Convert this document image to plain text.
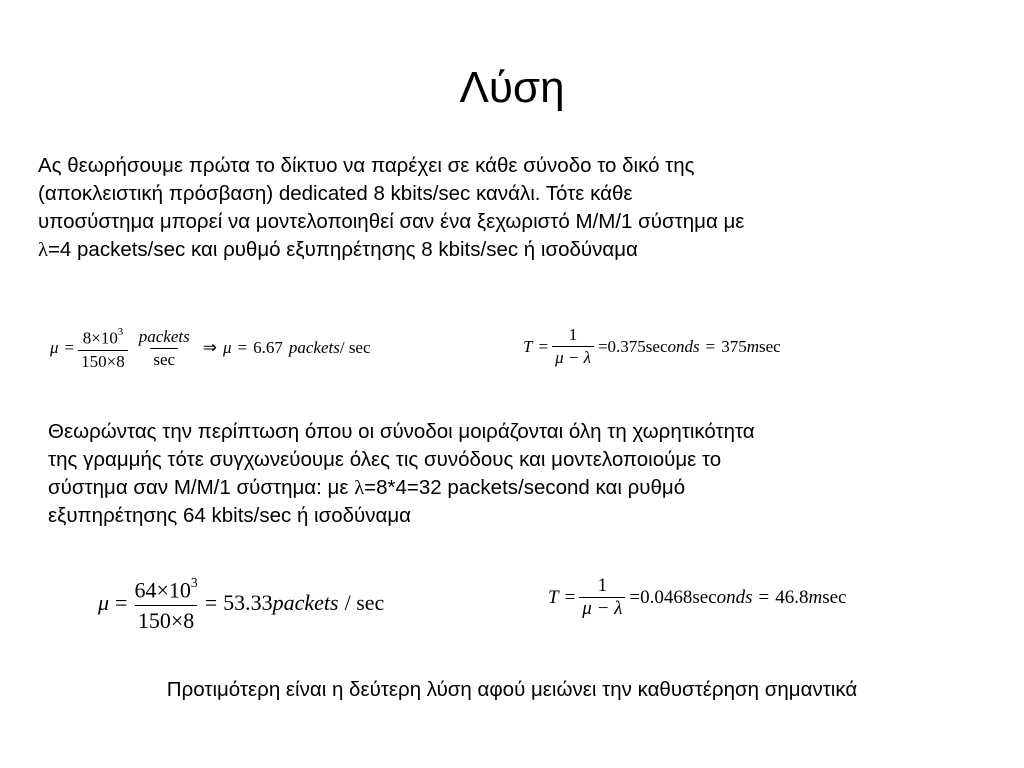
Λύση

Ας θεωρήσουμε πρώτα το δίκτυο να παρέχει σε κάθε σύνοδο το δικό της

(αποκλειστική πρόσβαση) dedicated 8 kbits/sec κανάλι. Τότε κάθε

υποσύστημα μπορεί να μοντελοποιηθεί σαν ένα ξεχωριστό M/M/1 σύστημα με

λ=4 packets/sec και ρυθμό εξυπηρέτησης 8 kbits/sec ή ισοδύναμα

$\mu = \frac{8\times 10^3}{150\times 8} \frac{\text{packets}}{\sec}$ ⇒ μ = 6.67 packets / sec	$T = \frac{1}{\mu - \lambda} = 0.375$ sec onds = 375 m sec

Θεωρώντας την περίπτωση όπου οι σύνοδοι μοιράζονται όλη τη χωρητικότητα

της γραμμής τότε συγχωνεύουμε όλες τις συνόδους και μοντελοποιούμε το

σύστημα σαν M/M/1 σύστημα: με λ=8*4=32 packets/second και ρυθμό

εξυπηρέτησης 64 kbits/sec ή ισοδύναμα

$\mu = \frac{64\times 10^3}{150\times 8} = 53.33$ packets / sec	$T = \frac{1}{\mu - \lambda} = 0.0468$ sec onds = 46.8 m sec
Προτιμότερη είναι η δεύτερη λύση αφού μειώνει την καθυστέρηση σημαντικά
